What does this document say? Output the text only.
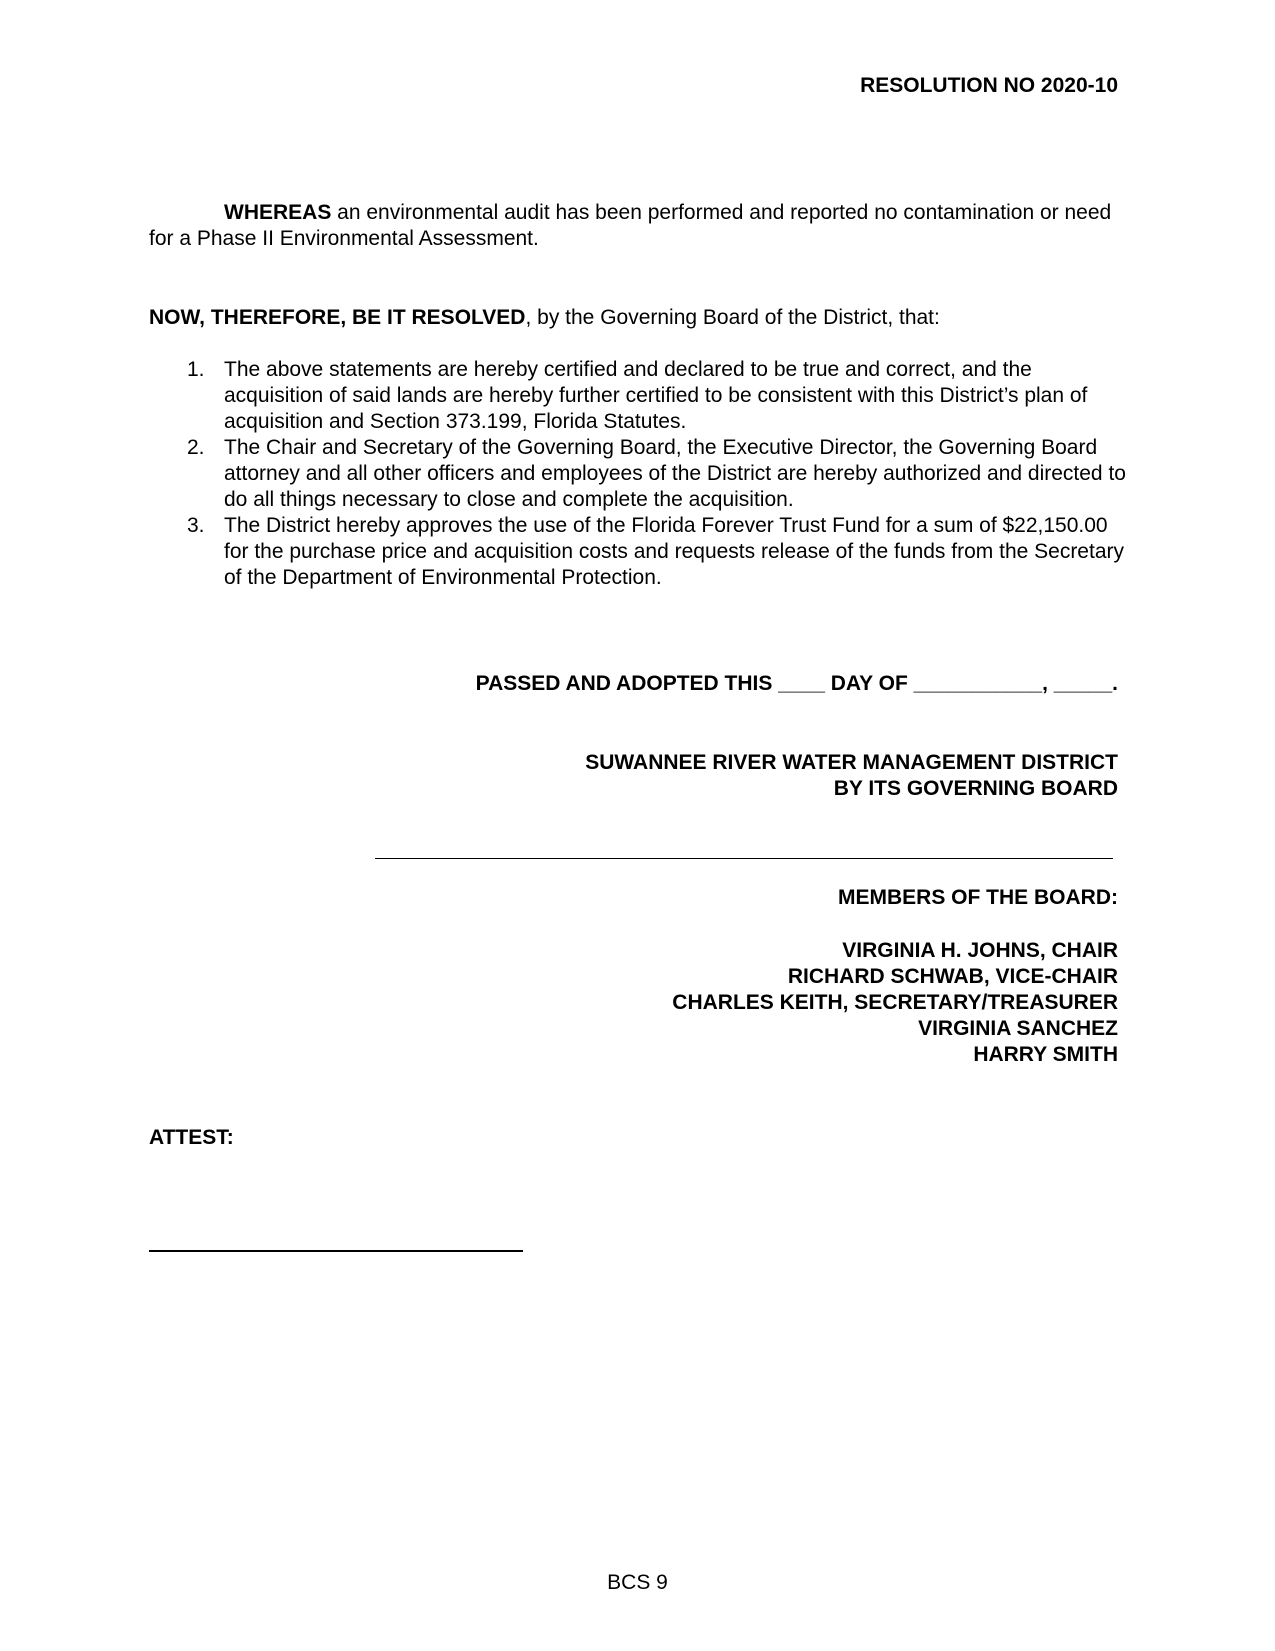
RESOLUTION NO 2020-10

WHEREAS an environmental audit has been performed and reported no contamination or need for a Phase II Environmental Assessment.

NOW, THEREFORE, BE IT RESOLVED, by the Governing Board of the District, that:

1. The above statements are hereby certified and declared to be true and correct, and the acquisition of said lands are hereby further certified to be consistent with this District’s plan of acquisition and Section 373.199, Florida Statutes.
2. The Chair and Secretary of the Governing Board, the Executive Director, the Governing Board attorney and all other officers and employees of the District are hereby authorized and directed to do all things necessary to close and complete the acquisition.
3. The District hereby approves the use of the Florida Forever Trust Fund for a sum of $22,150.00 for the purchase price and acquisition costs and requests release of the funds from the Secretary of the Department of Environmental Protection.
PASSED AND ADOPTED THIS ____ DAY OF ___________, _____.
SUWANNEE RIVER WATER MANAGEMENT DISTRICT
BY ITS GOVERNING BOARD
MEMBERS OF THE BOARD:
VIRGINIA H. JOHNS, CHAIR
RICHARD SCHWAB, VICE-CHAIR
CHARLES KEITH, SECRETARY/TREASURER
VIRGINIA SANCHEZ
HARRY SMITH
ATTEST:
BCS 9
